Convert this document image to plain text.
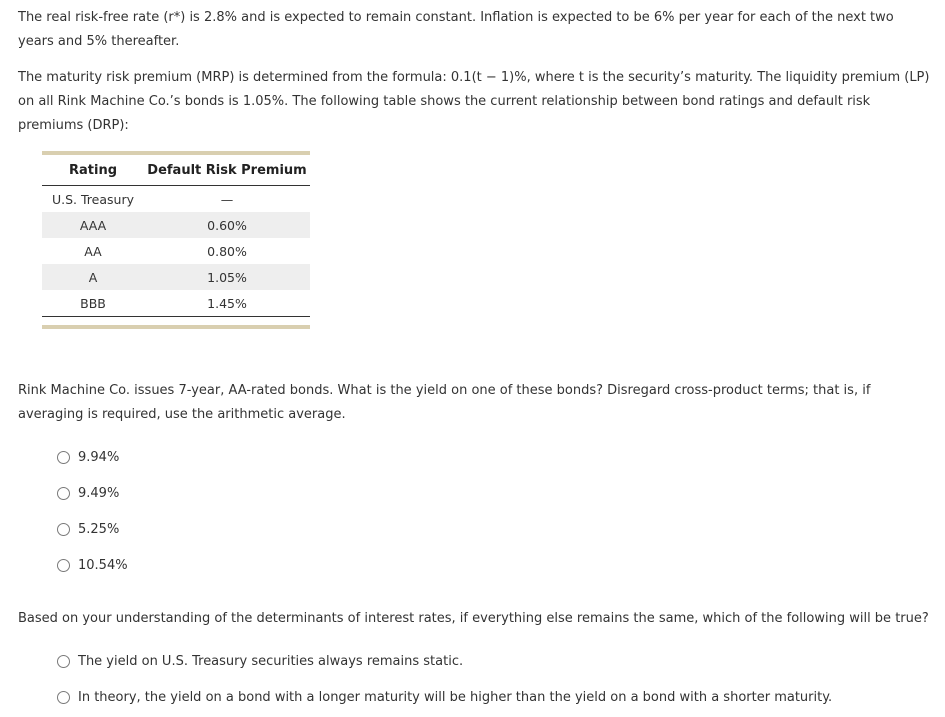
The real risk-free rate (r*) is 2.8% and is expected to remain constant. Inflation is expected to be 6% per year for each of the next two years and 5% thereafter.

The maturity risk premium (MRP) is determined from the formula: 0.1(t − 1)%, where t is the security’s maturity. The liquidity premium (LP) on all Rink Machine Co.’s bonds is 1.05%. The following table shows the current relationship between bond ratings and default risk premiums (DRP):

Rating	Default Risk Premium
U.S. Treasury	—
AAA	0.60%
AA	0.80%
A	1.05%
BBB	1.45%

Rink Machine Co. issues 7-year, AA-rated bonds. What is the yield on one of these bonds? Disregard cross-product terms; that is, if averaging is required, use the arithmetic average.

9.94%
9.49%
5.25%
10.54%

Based on your understanding of the determinants of interest rates, if everything else remains the same, which of the following will be true?

The yield on U.S. Treasury securities always remains static.
In theory, the yield on a bond with a longer maturity will be higher than the yield on a bond with a shorter maturity.
